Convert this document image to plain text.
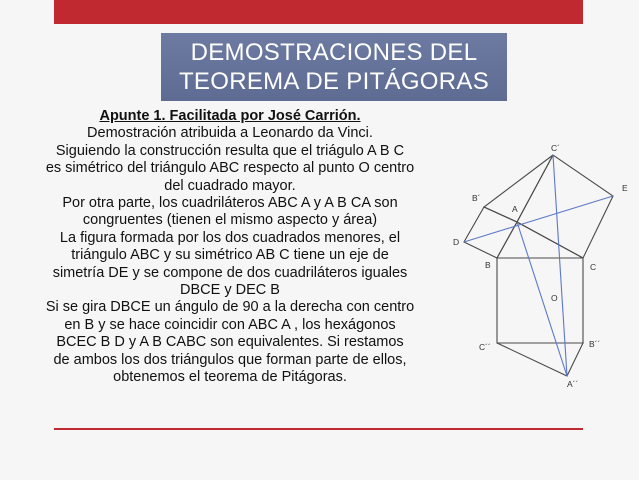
DEMOSTRACIONES DEL
TEOREMA DE PITÁGORAS
Apunte 1. Facilitada por José Carrión.
Demostración atribuida a Leonardo da Vinci.
Siguiendo la construcción resulta que el triágulo A B C
es simétrico del triángulo ABC respecto al punto O centro
del cuadrado mayor.
Por otra parte, los cuadriláteros ABC A y A B CA son
congruentes (tienen el mismo aspecto y área)
La figura formada por los dos cuadrados menores, el
triángulo ABC y su simétrico AB C tiene un eje de
simetría DE y se compone de dos cuadriláteros iguales
DBCE y DEC B
Si se gira DBCE un ángulo de 90 a la derecha con centro
en B y se hace coincidir con ABC A , los hexágonos
BCEC B D y A B CABC son equivalentes. Si restamos
de ambos los dos triángulos que forman parte de ellos,
obtenemos el teorema de Pitágoras.
C´
E
B´
A
D
B	C
O
C´´	B´´
A´´
